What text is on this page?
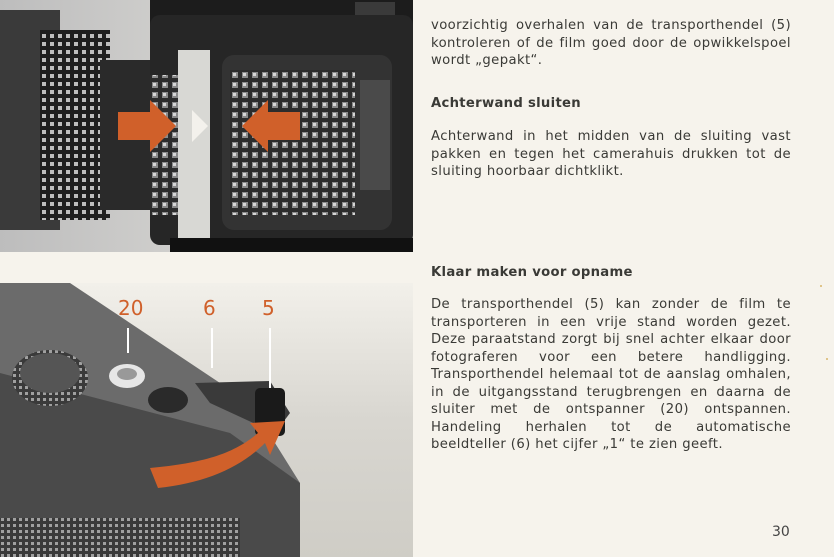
20	6 5

voorzichtig overhalen van de transporthendel (5) kontroleren of de film goed door de opwikkelspoel wordt „gepakt“.

Achterwand sluiten

Achterwand in het midden van de sluiting vast pakken en tegen het camerahuis drukken tot de sluiting hoorbaar dichtklikt.

Klaar maken voor opname

De transporthendel (5) kan zonder de film te transporteren in een vrije stand worden gezet. Deze paraatstand zorgt bij snel achter elkaar door fotograferen voor een betere handligging. Transporthendel helemaal tot de aanslag omhalen, in de uitgangsstand terugbrengen en daarna de sluiter met de ontspanner (20) ontspannen. Handeling herhalen tot de automatische beeldteller (6) het cijfer „1“ te zien geeft.

30
